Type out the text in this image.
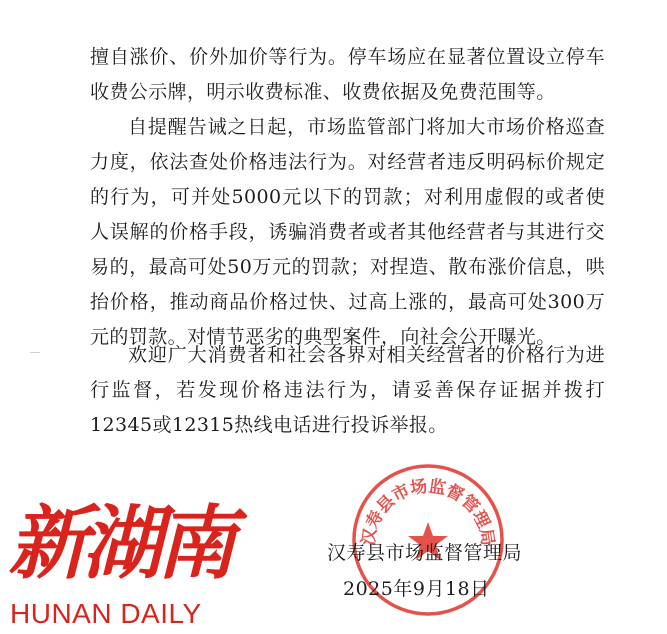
擅自涨价、价外加价等行为。停车场应在显著位置设立停车收费公示牌，明示收费标准、收费依据及免费范围等。

自提醒告诫之日起，市场监管部门将加大市场价格巡查力度，依法查处价格违法行为。对经营者违反明码标价规定的行为，可并处5000元以下的罚款；对利用虚假的或者使人误解的价格手段，诱骗消费者或者其他经营者与其进行交易的，最高可处50万元的罚款；对捏造、散布涨价信息，哄抬价格，推动商品价格过快、过高上涨的，最高可处300万元的罚款。对情节恶劣的典型案件，向社会公开曝光。

欢迎广大消费者和社会各界对相关经营者的价格行为进行监督，若发现价格违法行为，请妥善保存证据并拨打12345或12315热线电话进行投诉举报。

汉寿县市场监督管理局
汉寿县市场监督管理局
2025年9月18日
新湖南
HUNAN DAILY
